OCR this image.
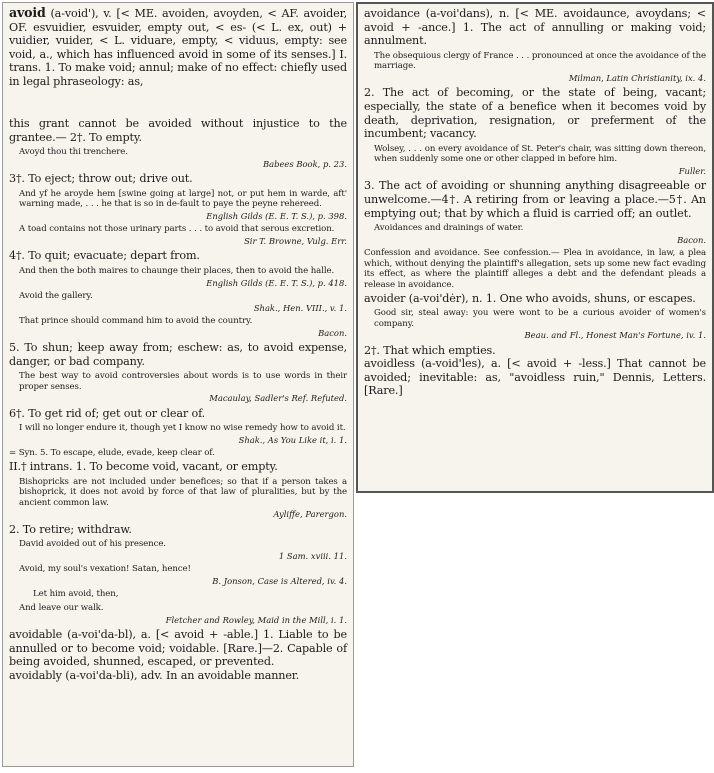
avoid (a-void'), v. [< ME. avoiden, avoyden, < AF. avoider, OF. esvuidier, esvuider, empty out, < es- (< L. ex, out) + vuidier, vuider, < L. viduare, empty, < viduus, empty: see void, a., which has influenced avoid in some of its senses.] I. trans. 1. To make void; annul; make of no effect: chiefly used in legal phraseology: as,

this grant cannot be avoided without injustice to the grantee.— 2†. To empty.

Avoyd thou thi trenchere.

Babees Book, p. 23.

3†. To eject; throw out; drive out.

And yf he aroyde hem [swine going at large] not, or put hem in warde, aft' warning made, . . . he that is so in de-fault to paye the peyne rehereed.

English Gilds (E. E. T. S.), p. 398.

A toad contains not those urinary parts . . . to avoid that serous excretion.

Sir T. Browne, Vulg. Err.

4†. To quit; evacuate; depart from.

And then the both maires to chaunge their places, then to avoid the halle.

English Gilds (E. E. T. S.), p. 418.

Avoid the gallery.

Shak., Hen. VIII., v. 1.

That prince should command him to avoid the country.

Bacon.

5. To shun; keep away from; eschew: as, to avoid expense, danger, or bad company.

The best way to avoid controversies about words is to use words in their proper senses.

Macaulay, Sadler's Ref. Refuted.

6†. To get rid of; get out or clear of.

I will no longer endure it, though yet I know no wise remedy how to avoid it.

Shak., As You Like it, i. 1.

= Syn. 5. To escape, elude, evade, keep clear of.

II.† intrans. 1. To become void, vacant, or empty.

Bishopricks are not included under benefices; so that if a person takes a bishoprick, it does not avoid by force of that law of pluralities, but by the ancient common law.

Ayliffe, Parergon.

2. To retire; withdraw.

David avoided out of his presence.

1 Sam. xviii. 11.

Avoid, my soul's vexation! Satan, hence!

B. Jonson, Case is Altered, iv. 4.

Let him avoid, then,

And leave our walk.

Fletcher and Rowley, Maid in the Mill, i. 1.

avoidable (a-voi'da-bl), a. [< avoid + -able.] 1. Liable to be annulled or to become void; voidable. [Rare.]—2. Capable of being avoided, shunned, escaped, or prevented.

avoidably (a-voi'da-bli), adv. In an avoidable manner.

avoidance (a-voi'dans), n. [< ME. avoidaunce, avoydans; < avoid + -ance.] 1. The act of annulling or making void; annulment.

The obsequious clergy of France . . . pronounced at once the avoidance of the marriage.

Milman, Latin Christianity, ix. 4.

2. The act of becoming, or the state of being, vacant; especially, the state of a benefice when it becomes void by death, deprivation, resignation, or preferment of the incumbent; vacancy.

Wolsey, . . . on every avoidance of St. Peter's chair, was sitting down thereon, when suddenly some one or other clapped in before him.

Fuller.

3. The act of avoiding or shunning anything disagreeable or unwelcome.—4†. A retiring from or leaving a place.—5†. An emptying out; that by which a fluid is carried off; an outlet.

Avoidances and drainings of water.

Bacon.

Confession and avoidance. See confession.— Plea in avoidance, in law, a plea which, without denying the plaintiff's allegation, sets up some new fact evading its effect, as where the plaintiff alleges a debt and the defendant pleads a release in avoidance.

avoider (a-voi'dėr), n. 1. One who avoids, shuns, or escapes.

Good sir, steal away: you were wont to be a curious avoider of women's company.

Beau. and Fl., Honest Man's Fortune, iv. 1.

2†. That which empties.

avoidless (a-void'les), a. [< avoid + -less.] That cannot be avoided; inevitable: as, "avoidless ruin," Dennis, Letters. [Rare.]
